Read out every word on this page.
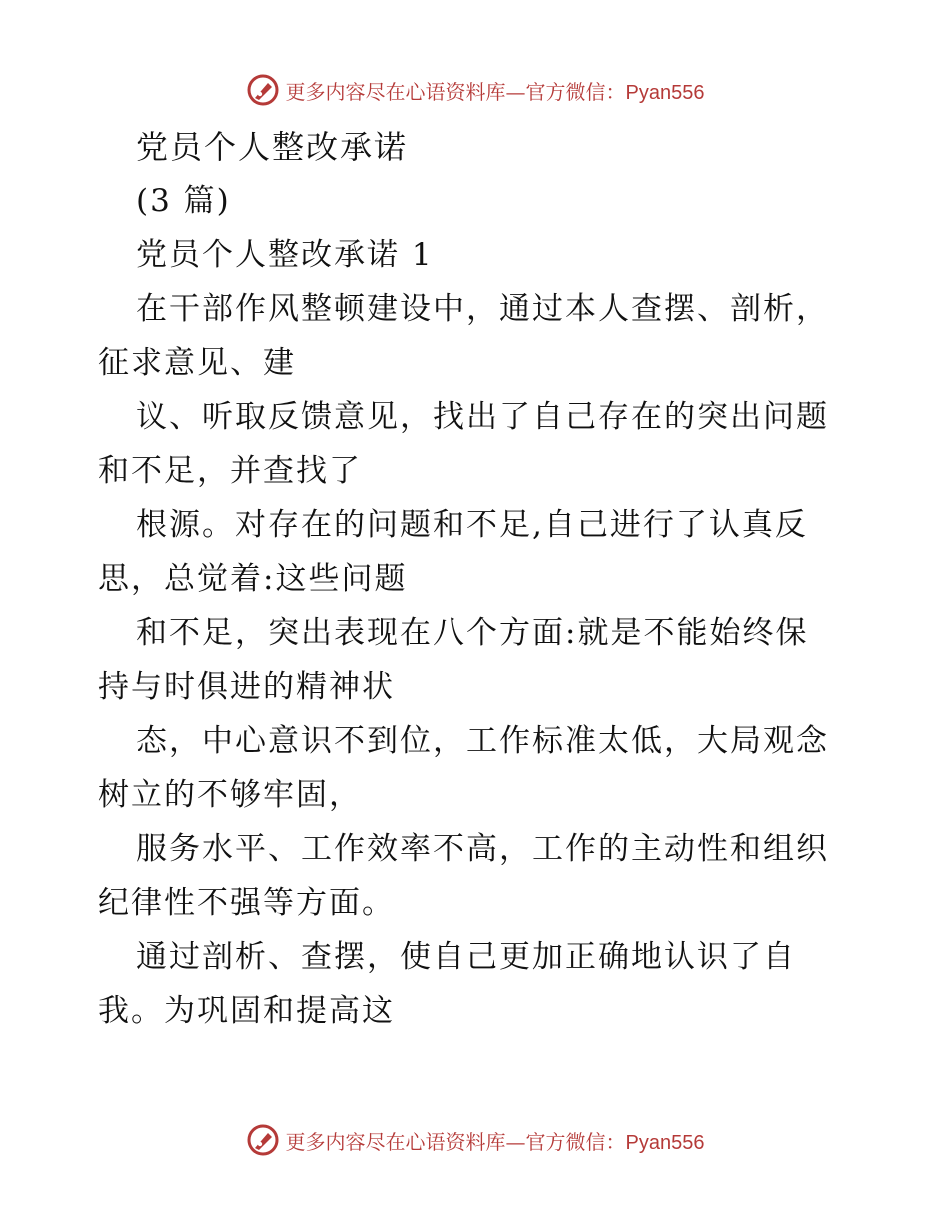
更多内容尽在心语资料库—官方微信：Pyan556
党员个人整改承诺
(3 篇)
党员个人整改承诺 1
在干部作风整顿建设中，通过本人查摆、剖析，
征求意见、建
议、听取反馈意见，找出了自己存在的突出问题
和不足，并查找了
根源。对存在的问题和不足,自己进行了认真反
思，总觉着:这些问题
和不足，突出表现在八个方面:就是不能始终保
持与时俱进的精神状
态，中心意识不到位，工作标准太低，大局观念
树立的不够牢固，
服务水平、工作效率不高，工作的主动性和组织
纪律性不强等方面。
通过剖析、查摆，使自己更加正确地认识了自
我。为巩固和提高这
更多内容尽在心语资料库—官方微信：Pyan556
